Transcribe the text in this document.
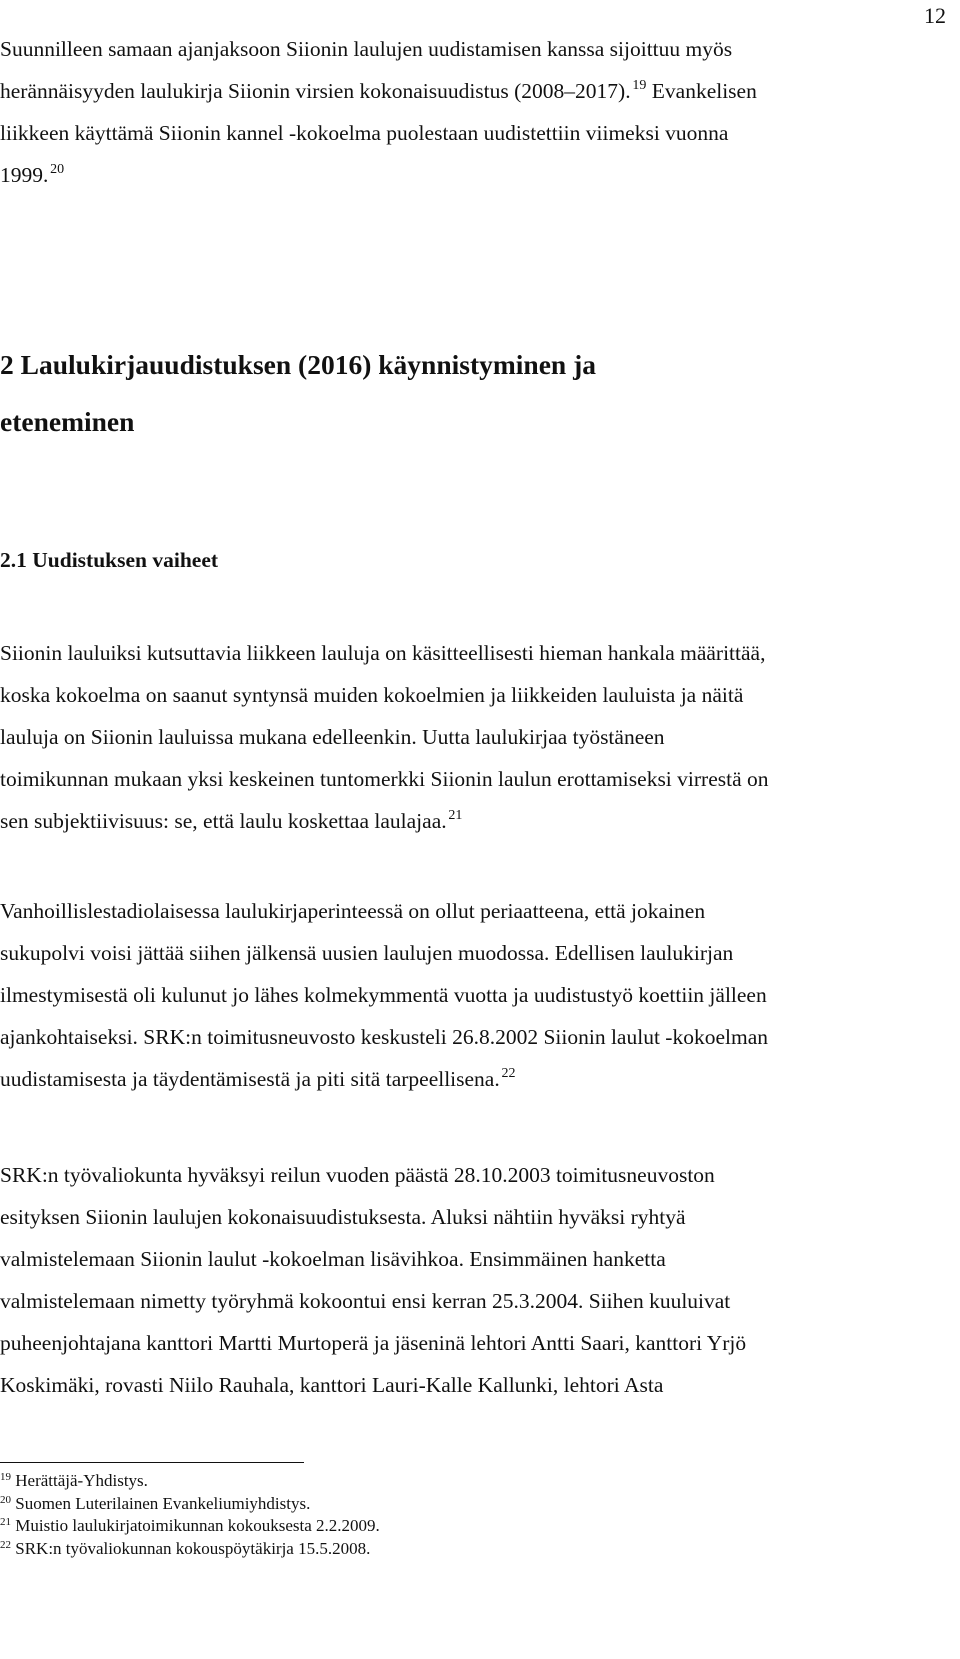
12

Suunnilleen samaan ajanjaksoon Siionin laulujen uudistamisen kanssa sijoittuu myös
herännäisyyden laulukirja Siionin virsien kokonaisuudistus (2008–2017).  $^{19}$ Evankelisen
liikkeen käyttämä Siionin kannel -kokoelma puolestaan uudistettiin viimeksi vuonna
1999.  $^{20}$

2 Laulukirjauudistuksen (2016) käynnistyminen ja
eteneminen
2.1 Uudistuksen vaiheet

Siionin lauluiksi kutsuttavia liikkeen lauluja on käsitteellisesti hieman hankala määrittää,
koska kokoelma on saanut syntynsä muiden kokoelmien ja liikkeiden lauluista ja näitä
lauluja on Siionin lauluissa mukana edelleenkin. Uutta laulukirjaa työstäneen
toimikunnan mukaan yksi keskeinen tuntomerkki Siionin laulun erottamiseksi virrestä on
sen subjektiivisuus: se, että laulu koskettaa laulajaa.  $^{21}$

Vanhoillislestadiolaisessa laulukirjaperinteessä on ollut periaatteena, että jokainen
sukupolvi voisi jättää siihen jälkensä uusien laulujen muodossa. Edellisen laulukirjan
ilmestymisestä oli kulunut jo lähes kolmekymmentä vuotta ja uudistustyö koettiin jälleen
ajankohtaiseksi. SRK:n toimitusneuvosto keskusteli 26.8.2002 Siionin laulut -kokoelman
uudistamisesta ja täydentämisestä ja piti sitä tarpeellisena.  $^{22}$

SRK:n työvaliokunta hyväksyi reilun vuoden päästä 28.10.2003 toimitusneuvoston
esityksen Siionin laulujen kokonaisuudistuksesta. Aluksi nähtiin hyväksi ryhtyä
valmistelemaan Siionin laulut -kokoelman lisävihkoa. Ensimmäinen hanketta
valmistelemaan nimetty työryhmä kokoontui ensi kerran 25.3.2004. Siihen kuuluivat
puheenjohtajana kanttori Martti Murtoperä ja jäseninä lehtori Antti Saari, kanttori Yrjö
Koskimäki, rovasti Niilo Rauhala, kanttori Lauri-Kalle Kallunki, lehtori Asta

$^{19}$ Herättäjä-Yhdistys.
$^{20}$ Suomen Luterilainen Evankeliumiyhdistys.
$^{21}$ Muistio laulukirjatoimikunnan kokouksesta 2.2.2009.
$^{22}$ SRK:n työvaliokunnan kokouspöytäkirja 15.5.2008.
